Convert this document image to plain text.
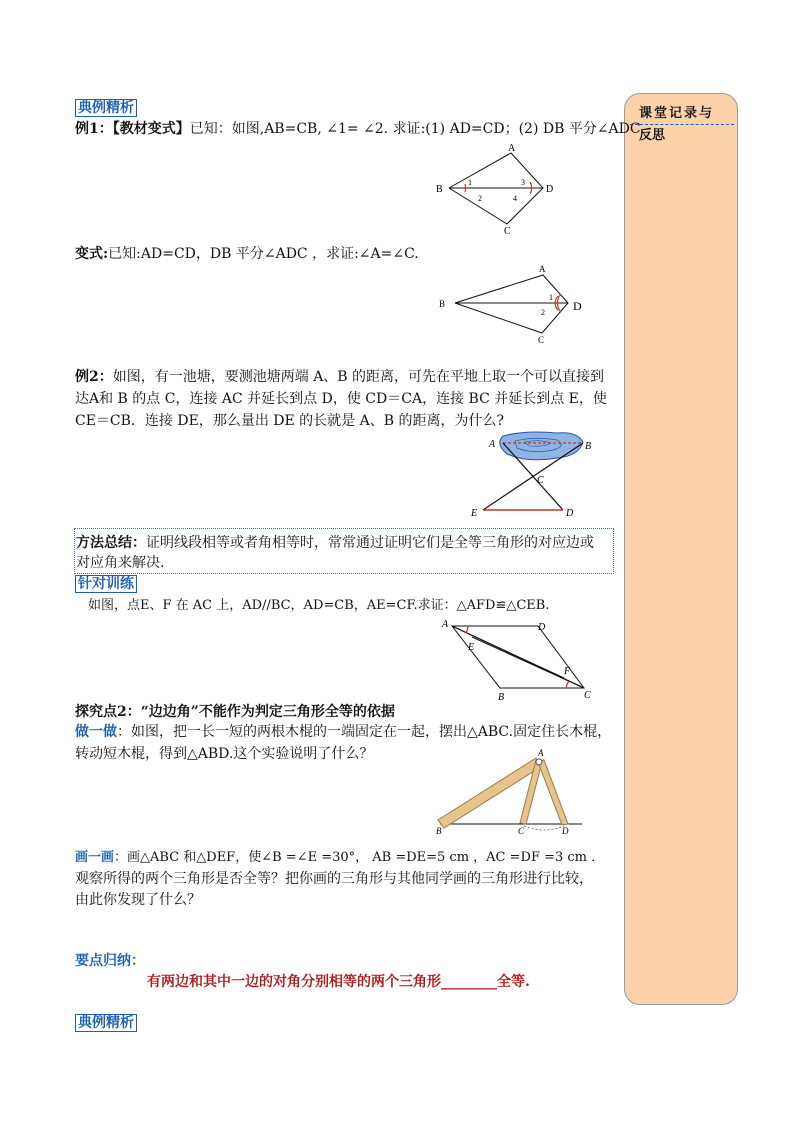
课堂记录与
反思
典例精析
例1：【教材变式】已知：如图,AB=CB, ∠1= ∠2. 求证:(1) AD=CD；(2) DB 平分∠ADC.
B
A
D
C
1
2
3
4
变式:已知:AD=CD，DB 平分∠ADC ，求证:∠A=∠C.
B
A
D
C
1
2
例2：如图，有一池塘，要测池塘两端 A、B 的距离，可先在平地上取一个可以直接到
达A和 B 的点 C，连接 AC 并延长到点 D，使 CD＝CA，连接 BC 并延长到点 E，使
CE＝CB．连接 DE，那么量出 DE 的长就是 A、B 的距离，为什么?
A	B
C
E	D
方法总结：证明线段相等或者角相等时，常常通过证明它们是全等三角形的对应边或
对应角来解决.
针对训练
如图，点E、F 在 AC 上，AD//BC，AD=CB，AE=CF.求证：△AFD≌△CEB.
A	D
E
F
B	C
探究点2：“边边角”不能作为判定三角形全等的依据
做一做：如图，把一长一短的两根木棍的一端固定在一起，摆出△ABC.固定住长木棍，
转动短木棍，得到△ABD.这个实验说明了什么？	A
B	C	D
画一画：画△ABC 和△DEF，使∠B =∠E =30°， AB =DE=5 cm ，AC =DF =3 cm ．
观察所得的两个三角形是否全等？把你画的三角形与其他同学画的三角形进行比较，
由此你发现了什么？
要点归纳：
有两边和其中一边的对角分别相等的两个三角形________全等.
典例精析
